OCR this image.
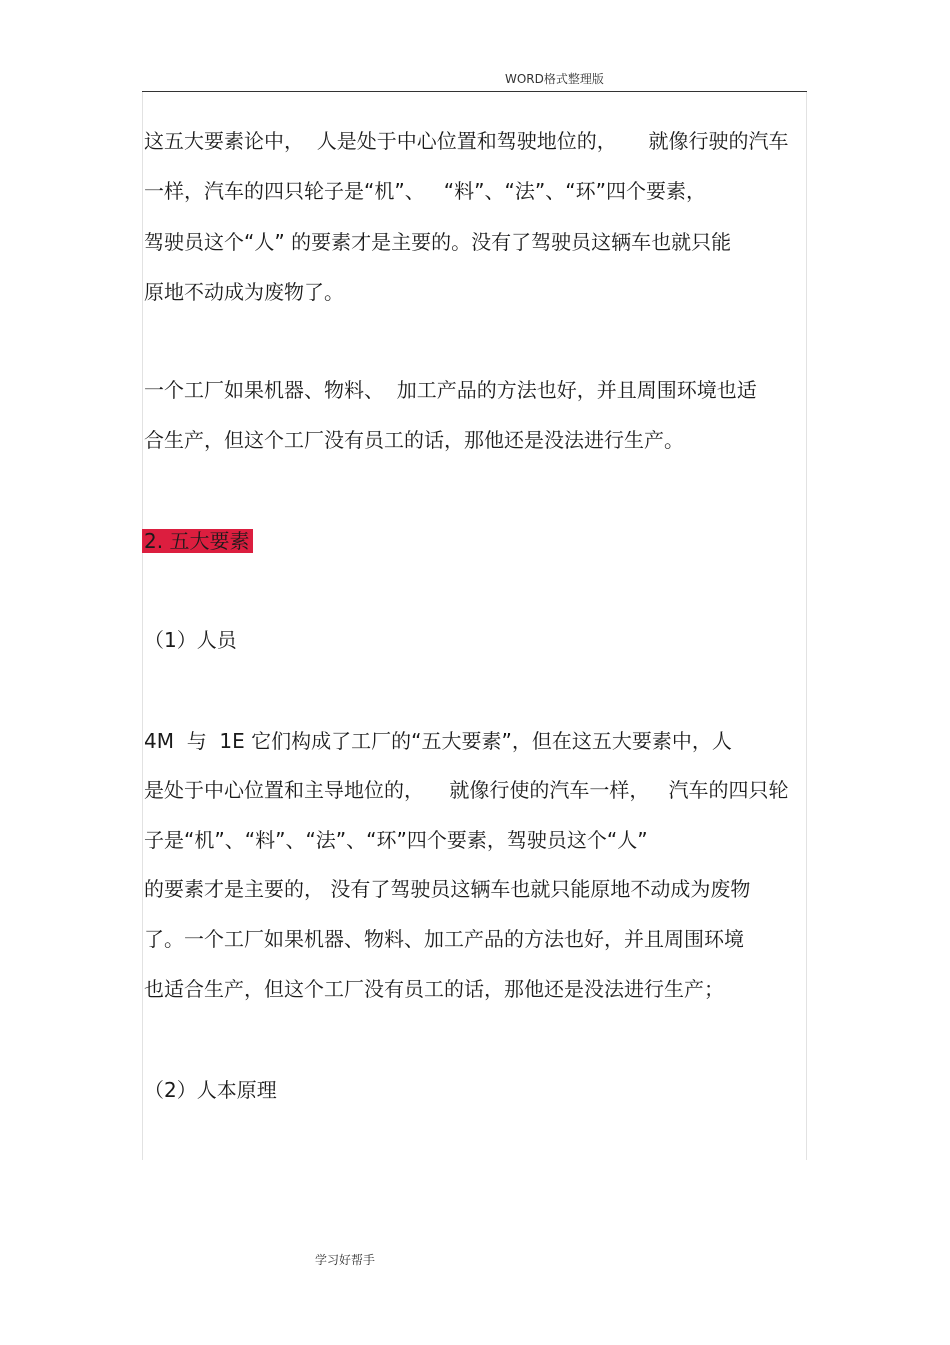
WORD格式整理版
这五大要素论中，  人是处于中心位置和驾驶地位的，     就像行驶的汽车
一样，汽车的四只轮子是“机”、   “料”、“法”、“环”四个要素，
驾驶员这个“人” 的要素才是主要的。没有了驾驶员这辆车也就只能
原地不动成为废物了。
一个工厂如果机器、物料、  加工产品的方法也好，并且周围环境也适
合生产，但这个工厂没有员工的话，那他还是没法进行生产。
2. 五大要素
（1）人员
4M  与  1E 它们构成了工厂的“五大要素”，但在这五大要素中，人
是处于中心位置和主导地位的，    就像行使的汽车一样，   汽车的四只轮
子是“机”、“料”、“法”、“环”四个要素，驾驶员这个“人”
的要素才是主要的， 没有了驾驶员这辆车也就只能原地不动成为废物
了。一个工厂如果机器、物料、加工产品的方法也好，并且周围环境
也适合生产，但这个工厂没有员工的话，那他还是没法进行生产；
（2）人本原理
学习好帮手
